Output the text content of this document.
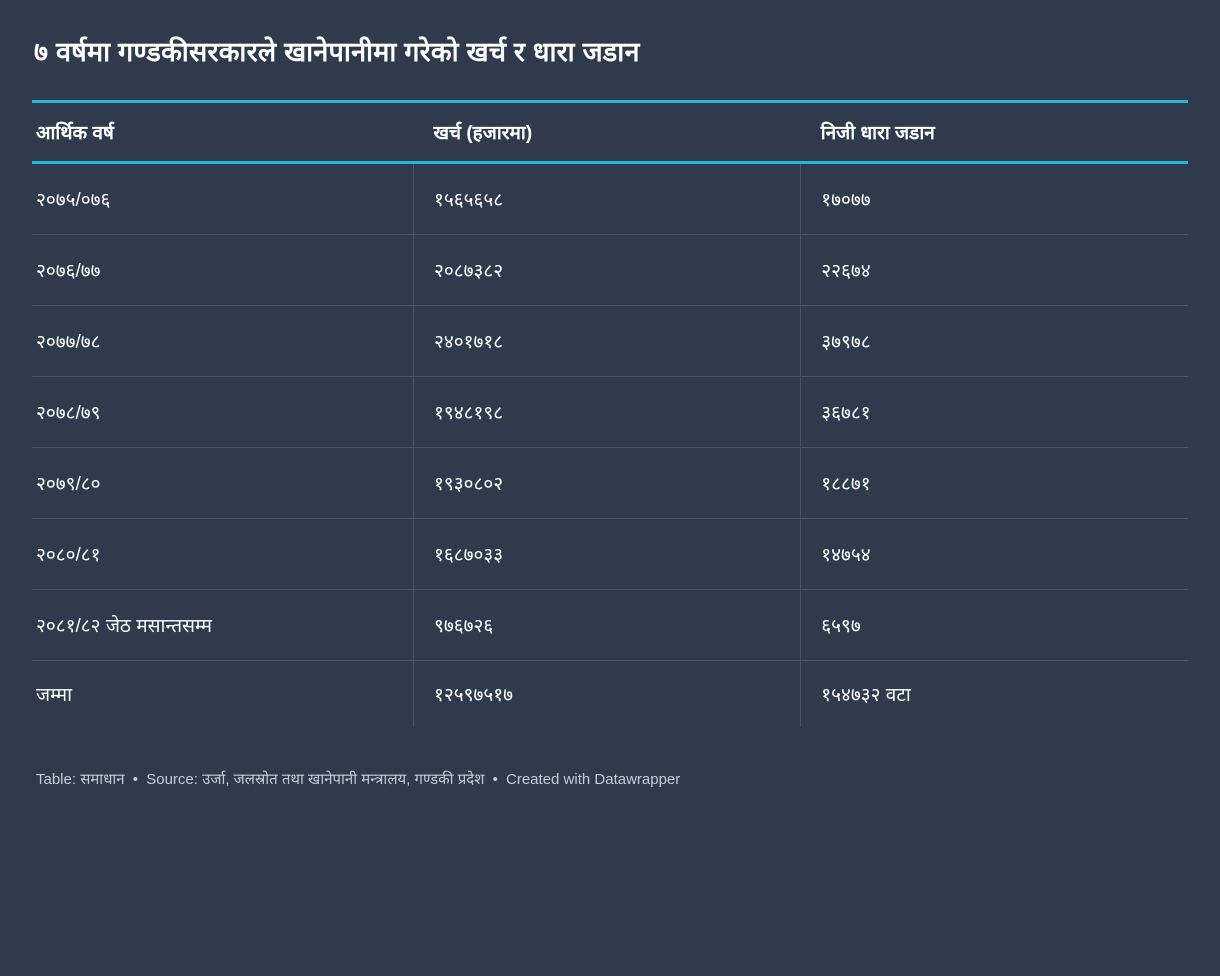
७ वर्षमा गण्डकीसरकारले खानेपानीमा गरेको खर्च र धारा जडान
आर्थिक वर्ष	खर्च (हजारमा)	निजी धारा जडान
२०७५/०७६	१५६५६५८	१७०७७
२०७६/७७	२०८७३८२	२२६७४
२०७७/७८	२४०१७१८	३७९७८
२०७८/७९	१९४८१९८	३६७८१
२०७९/८०	१९३०८०२	१८८७१
२०८०/८१	१६८७०३३	१४७५४
२०८१/८२ जेठ मसान्तसम्म	९७६७२६	६५९७
जम्मा	१२५९७५१७	१५४७३२ वटा
Table: समाधान • Source: उर्जा, जलस्रोत तथा खानेपानी मन्त्रालय, गण्डकी प्रदेश • Created with Datawrapper
